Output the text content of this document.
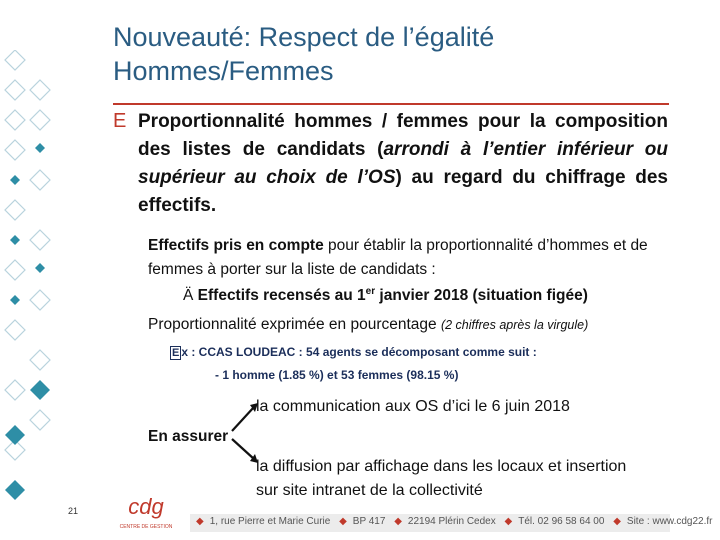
Nouveauté: Respect de l’égalité
Hommes/Femmes
E Proportionnalité hommes / femmes pour la composition des listes de candidats (arrondi à l’entier inférieur ou supérieur au choix de l’OS) au regard du chiffrage des effectifs.

Effectifs pris en compte pour établir la proportionnalité d’hommes et de femmes à porter sur la liste de candidats :

Ä Effectifs recensés au 1er janvier 2018 (situation figée)
Proportionnalité exprimée en pourcentage (2 chiffres après la virgule)
E x : CCAS LOUDEAC : 54 agents se décomposant comme suit :
- 1 homme (1.85 %) et 53 femmes (98.15 %)
En assurer
la communication aux OS d’ici le 6 juin 2018

la diffusion par affichage dans les locaux et insertion sur site intranet de la collectivité

21 cdg
CENTRE DE GESTION	◆ 1, rue Pierre et Marie Curie ◆ BP 417 ◆ 22194 Plérin Cedex ◆ Tél. 02 96 58 64 00 ◆ Site : www.cdg22.fr
